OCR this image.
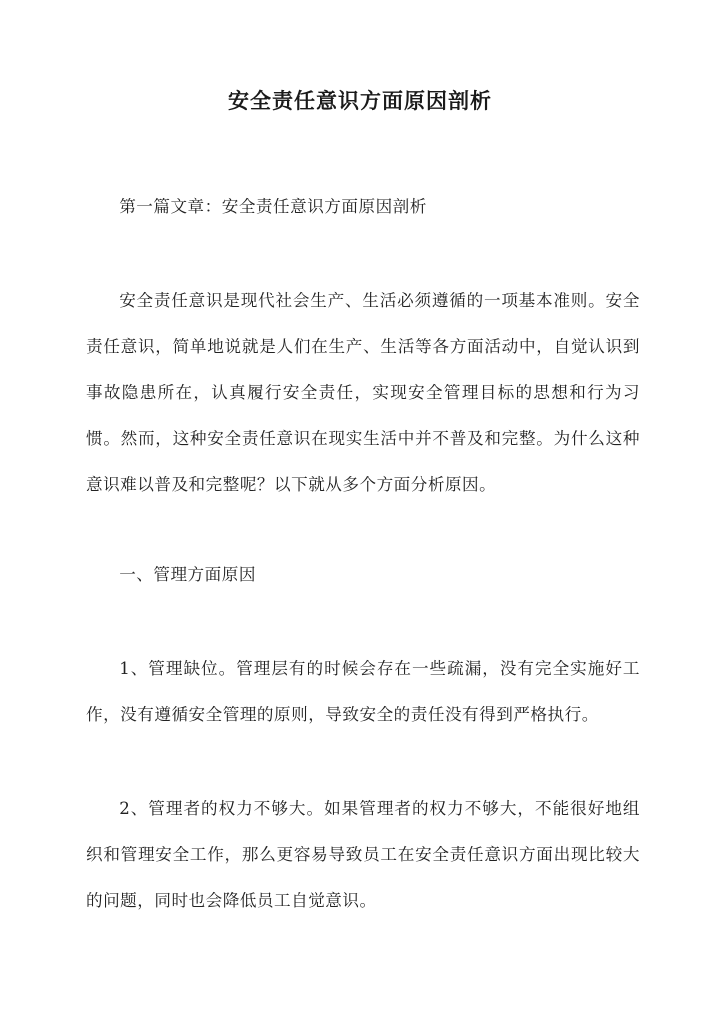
安全责任意识方面原因剖析
第一篇文章：安全责任意识方面原因剖析
安全责任意识是现代社会生产、生活必须遵循的一项基本准则。安全责任意识，简单地说就是人们在生产、生活等各方面活动中，自觉认识到事故隐患所在，认真履行安全责任，实现安全管理目标的思想和行为习惯。然而，这种安全责任意识在现实生活中并不普及和完整。为什么这种意识难以普及和完整呢？以下就从多个方面分析原因。
一、管理方面原因
1、管理缺位。管理层有的时候会存在一些疏漏，没有完全实施好工作，没有遵循安全管理的原则，导致安全的责任没有得到严格执行。
2、管理者的权力不够大。如果管理者的权力不够大，不能很好地组织和管理安全工作，那么更容易导致员工在安全责任意识方面出现比较大的问题，同时也会降低员工自觉意识。
